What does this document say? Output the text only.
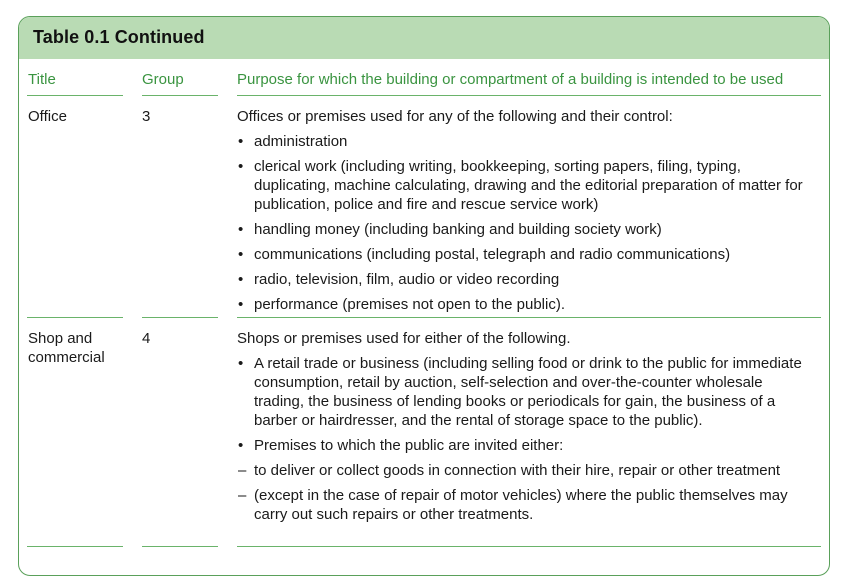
Table 0.1 Continued
Title	Group	Purpose for which the building or compartment of a building is intended to be used
Office	3	Offices or premises used for any of the following and their control:

• administration
• clerical work (including writing, bookkeeping, sorting papers, filing, typing, duplicating, machine calculating, drawing and the editorial preparation of matter for publication, police and fire and rescue service work)
• handling money (including banking and building society work)
• communications (including postal, telegraph and radio communications)
• radio, television, film, audio or video recording
• performance (premises not open to the public).
Shop and
commercial
4	Shops or premises used for either of the following.

• A retail trade or business (including selling food or drink to the public for immediate consumption, retail by auction, self-selection and over-the-counter wholesale trading, the business of lending books or periodicals for gain, the business of a barber or hairdresser, and the rental of storage space to the public).
• Premises to which the public are invited either:
– to deliver or collect goods in connection with their hire, repair or other treatment
– (except in the case of repair of motor vehicles) where the public themselves may carry out such repairs or other treatments.
